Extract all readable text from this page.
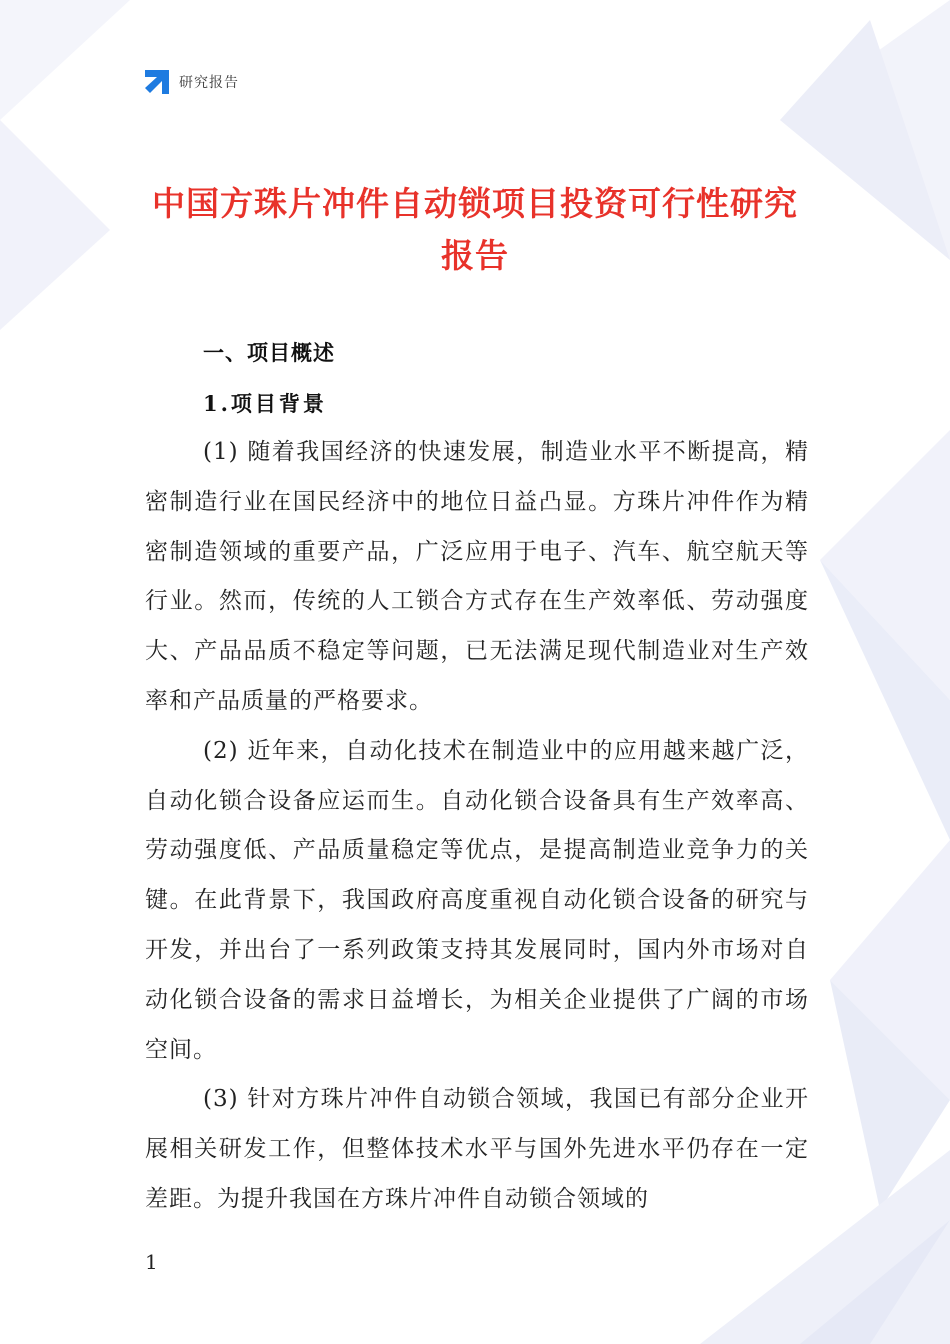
研究报告
中国方珠片冲件自动锁项目投资可行性研究报告
一、项目概述
1.项目背景

(1) 随着我国经济的快速发展，制造业水平不断提高，精密制造行业在国民经济中的地位日益凸显。方珠片冲件作为精密制造领域的重要产品，广泛应用于电子、汽车、航空航天等行业。然而，传统的人工锁合方式存在生产效率低、劳动强度大、产品品质不稳定等问题，已无法满足现代制造业对生产效率和产品质量的严格要求。

(2) 近年来，自动化技术在制造业中的应用越来越广泛，自动化锁合设备应运而生。自动化锁合设备具有生产效率高、劳动强度低、产品质量稳定等优点，是提高制造业竞争力的关键。在此背景下，我国政府高度重视自动化锁合设备的研究与开发，并出台了一系列政策支持其发展同时，国内外市场对自动化锁合设备的需求日益增长，为相关企业提供了广阔的市场空间。

(3) 针对方珠片冲件自动锁合领域，我国已有部分企业开展相关研发工作，但整体技术水平与国外先进水平仍存在一定差距。为提升我国在方珠片冲件自动锁合领域的

1
